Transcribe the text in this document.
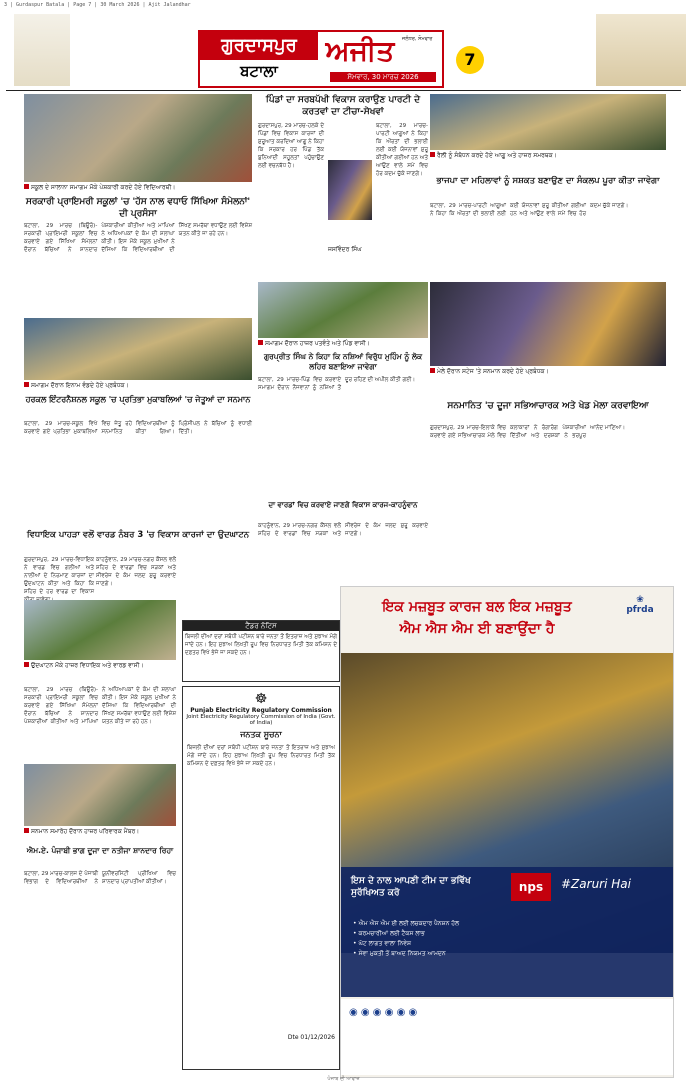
3 | Gurdaspur Batala | Page 7 | 30 March 2026 | Ajit Jalandhar
ਗੁਰਦਾਸਪੁਰ
ਬਟਾਲਾ
ਅਜੀਤ	ਜਲੰਧਰ, ਸੋਮਵਾਰ
ਸੋਮਵਾਰ, 30 ਮਾਰਚ 2026
7
ਸਕੂਲ ਦੇ ਸਾਲਾਨਾ ਸਮਾਗਮ ਮੌਕੇ ਪੇਸ਼ਕਾਰੀ ਕਰਦੇ ਹੋਏ ਵਿਦਿਆਰਥੀ।
ਸਰਕਾਰੀ ਪ੍ਰਾਇਮਰੀ ਸਕੂਲਾਂ 'ਚ 'ਹੱਸ ਨਾਲ ਵਧਾਓ ਸਿੱਖਿਆ ਸੰਮੇਲਨਾਂ' ਦੀ ਪ੍ਰਸੰਸਾ
ਬਟਾਲਾ, 29 ਮਾਰਚ (ਬਿਊਰੋ)-ਸਰਕਾਰੀ ਪ੍ਰਾਇਮਰੀ ਸਕੂਲਾਂ ਵਿਚ ਕਰਵਾਏ ਗਏ ਸਿੱਖਿਆ ਸੰਮੇਲਨਾਂ ਦੌਰਾਨ ਬੱਚਿਆਂ ਨੇ ਸ਼ਾਨਦਾਰ ਪੇਸ਼ਕਾਰੀਆਂ ਕੀਤੀਆਂ ਅਤੇ ਮਾਪਿਆਂ ਨੇ ਅਧਿਆਪਕਾਂ ਦੇ ਕੰਮ ਦੀ ਸ਼ਲਾਘਾ ਕੀਤੀ। ਇਸ ਮੌਕੇ ਸਕੂਲ ਮੁਖੀਆਂ ਨੇ ਦੱਸਿਆ ਕਿ ਵਿਦਿਆਰਥੀਆਂ ਦੀ ਸਿੱਖਣ ਸਮਰੱਥਾ ਵਧਾਉਣ ਲਈ ਵਿਸ਼ੇਸ਼ ਯਤਨ ਕੀਤੇ ਜਾ ਰਹੇ ਹਨ।
ਸਮਾਗਮ ਦੌਰਾਨ ਇਨਾਮ ਵੰਡਦੇ ਹੋਏ ਪ੍ਰਬੰਧਕ।
ਹਰਕਲ ਇੰਟਰਨੈਸ਼ਨਲ ਸਕੂਲ 'ਚ ਪ੍ਰਤਿਭਾ ਮੁਕਾਬਲਿਆਂ 'ਚ ਜੇਤੂਆਂ ਦਾ ਸਨਮਾਨ
ਬਟਾਲਾ, 29 ਮਾਰਚ-ਸਕੂਲ ਵਿਖੇ ਕਰਵਾਏ ਗਏ ਪ੍ਰਤਿਭਾ ਮੁਕਾਬਲਿਆਂ ਵਿਚ ਜੇਤੂ ਰਹੇ ਵਿਦਿਆਰਥੀਆਂ ਨੂੰ ਸਨਮਾਨਿਤ ਕੀਤਾ ਗਿਆ। ਪ੍ਰਿੰਸੀਪਲ ਨੇ ਬੱਚਿਆਂ ਨੂੰ ਵਧਾਈ ਦਿੱਤੀ।
ਵਿਧਾਇਕ ਪਾਹੜਾ ਵਲੋਂ ਵਾਰਡ ਨੰਬਰ 3 'ਚ ਵਿਕਾਸ ਕਾਰਜਾਂ ਦਾ ਉਦਘਾਟਨ
ਗੁਰਦਾਸਪੁਰ, 29 ਮਾਰਚ-ਵਿਧਾਇਕ ਨੇ ਵਾਰਡ ਵਿਚ ਗਲੀਆਂ ਅਤੇ ਨਾਲੀਆਂ ਦੇ ਨਿਰਮਾਣ ਕਾਰਜਾਂ ਦਾ ਉਦਘਾਟਨ ਕੀਤਾ ਅਤੇ ਕਿਹਾ ਕਿ ਸ਼ਹਿਰ ਦੇ ਹਰ ਵਾਰਡ ਦਾ ਵਿਕਾਸ
ਕਾਹਨੂੰਵਾਨ, 29 ਮਾਰਚ-ਨਗਰ ਕੌਂਸਲ ਵਲੋਂ ਸ਼ਹਿਰ ਦੇ ਵਾਰਡਾਂ ਵਿਚ ਸੜਕਾਂ ਅਤੇ ਸੀਵਰੇਜ ਦੇ ਕੰਮ ਜਲਦ ਸ਼ੁਰੂ ਕਰਵਾਏ ਜਾਣਗੇ।
ਉਦਘਾਟਨ ਮੌਕੇ ਹਾਜ਼ਰ ਵਿਧਾਇਕ ਅਤੇ ਵਾਰਡ ਵਾਸੀ।
ਬਟਾਲਾ, 29 ਮਾਰਚ (ਬਿਊਰੋ)-ਸਰਕਾਰੀ ਪ੍ਰਾਇਮਰੀ ਸਕੂਲਾਂ ਵਿਚ ਕਰਵਾਏ ਗਏ ਸਿੱਖਿਆ ਸੰਮੇਲਨਾਂ ਦੌਰਾਨ ਬੱਚਿਆਂ ਨੇ ਸ਼ਾਨਦਾਰ ਪੇਸ਼ਕਾਰੀਆਂ ਕੀਤੀਆਂ ਅਤੇ ਮਾਪਿਆਂ ਨੇ ਅਧਿਆਪਕਾਂ ਦੇ ਕੰਮ ਦੀ ਸ਼ਲਾਘਾ ਕੀਤੀ। ਇਸ ਮੌਕੇ ਸਕੂਲ ਮੁਖੀਆਂ ਨੇ ਦੱਸਿਆ ਕਿ ਵਿਦਿਆਰਥੀਆਂ ਦੀ ਸਿੱਖਣ ਸਮਰੱਥਾ ਵਧਾਉਣ ਲਈ ਵਿਸ਼ੇਸ਼ ਯਤਨ ਕੀਤੇ ਜਾ ਰਹੇ ਹਨ।
ਸਨਮਾਨ ਸਮਾਰੋਹ ਦੌਰਾਨ ਹਾਜ਼ਰ ਪਰਿਵਾਰਕ ਮੈਂਬਰ।
ਐਮ.ਏ. ਪੰਜਾਬੀ ਭਾਗ ਦੂਜਾ ਦਾ ਨਤੀਜਾ ਸ਼ਾਨਦਾਰ ਰਿਹਾ
ਬਟਾਲਾ, 29 ਮਾਰਚ-ਕਾਲਜ ਦੇ ਪੰਜਾਬੀ ਵਿਭਾਗ ਦੇ ਵਿਦਿਆਰਥੀਆਂ ਨੇ ਯੂਨੀਵਰਸਿਟੀ ਪ੍ਰੀਖਿਆ ਵਿਚ ਸ਼ਾਨਦਾਰ ਪ੍ਰਾਪਤੀਆਂ ਕੀਤੀਆਂ।
ਪਿੰਡਾਂ ਦਾ ਸਰਬਪੱਖੀ ਵਿਕਾਸ ਕਰਾਉਣ ਪਾਰਟੀ ਦੇ ਕਰਤਵਾਂ ਦਾ ਟੀਚਾ-ਸੇਖਵਾਂ
ਗੁਰਦਾਸਪੁਰ, 29 ਮਾਰਚ-ਹਲਕੇ ਦੇ ਪਿੰਡਾਂ ਵਿਚ ਵਿਕਾਸ ਕਾਰਜਾਂ ਦੀ ਸ਼ੁਰੂਆਤ ਕਰਦਿਆਂ ਆਗੂ ਨੇ ਕਿਹਾ ਕਿ ਸਰਕਾਰ ਹਰ ਪਿੰਡ ਤੱਕ ਬੁਨਿਆਦੀ ਸਹੂਲਤਾਂ ਪਹੁੰਚਾਉਣ ਲਈ ਵਚਨਬੱਧ ਹੈ।
ਜਸਵਿੰਦਰ ਸਿੰਘ
ਬਟਾਲਾ, 29 ਮਾਰਚ-ਪਾਰਟੀ ਆਗੂਆਂ ਨੇ ਕਿਹਾ ਕਿ ਔਰਤਾਂ ਦੀ ਭਲਾਈ ਲਈ ਕਈ ਯੋਜਨਾਵਾਂ ਸ਼ੁਰੂ ਕੀਤੀਆਂ ਗਈਆਂ ਹਨ ਅਤੇ ਆਉਣ ਵਾਲੇ ਸਮੇਂ ਵਿਚ ਹੋਰ ਕਦਮ ਚੁੱਕੇ ਜਾਣਗੇ।
ਸਮਾਗਮ ਦੌਰਾਨ ਹਾਜ਼ਰ ਪਤਵੰਤੇ ਅਤੇ ਪਿੰਡ ਵਾਸੀ।
ਗੁਰਪ੍ਰੀਤ ਸਿੰਘ ਨੇ ਕਿਹਾ ਕਿ ਨਸ਼ਿਆਂ ਵਿਰੁੱਧ ਮੁਹਿੰਮ ਨੂੰ ਲੋਕ ਲਹਿਰ ਬਣਾਇਆ ਜਾਵੇਗਾ
ਬਟਾਲਾ, 29 ਮਾਰਚ-ਪਿੰਡ ਵਿਚ ਕਰਵਾਏ ਸਮਾਗਮ ਦੌਰਾਨ ਨੌਜਵਾਨਾਂ ਨੂੰ ਨਸ਼ਿਆਂ ਤੋਂ ਦੂਰ ਰਹਿਣ ਦੀ ਅਪੀਲ ਕੀਤੀ ਗਈ।
ਰੈਲੀ ਨੂੰ ਸੰਬੋਧਨ ਕਰਦੇ ਹੋਏ ਆਗੂ ਅਤੇ ਹਾਜ਼ਰ ਸਮਰਥਕ।
ਭਾਜਪਾ ਦਾ ਮਹਿਲਾਵਾਂ ਨੂੰ ਸਸ਼ਕਤ ਬਣਾਉਣ ਦਾ ਸੰਕਲਪ ਪੂਰਾ ਕੀਤਾ ਜਾਵੇਗਾ
ਬਟਾਲਾ, 29 ਮਾਰਚ-ਪਾਰਟੀ ਆਗੂਆਂ ਨੇ ਕਿਹਾ ਕਿ ਔਰਤਾਂ ਦੀ ਭਲਾਈ ਲਈ ਕਈ ਯੋਜਨਾਵਾਂ ਸ਼ੁਰੂ ਕੀਤੀਆਂ ਗਈਆਂ ਹਨ ਅਤੇ ਆਉਣ ਵਾਲੇ ਸਮੇਂ ਵਿਚ ਹੋਰ ਕਦਮ ਚੁੱਕੇ ਜਾਣਗੇ।
ਮੇਲੇ ਦੌਰਾਨ ਸਟੇਜ 'ਤੇ ਸਨਮਾਨ ਕਰਦੇ ਹੋਏ ਪ੍ਰਬੰਧਕ।
ਸਨਮਾਨਿਤ 'ਚ ਦੂਜਾ ਸਭਿਆਚਾਰਕ ਅਤੇ ਖੇਡ ਮੇਲਾ ਕਰਵਾਇਆ
ਗੁਰਦਾਸਪੁਰ, 29 ਮਾਰਚ-ਇਲਾਕੇ ਵਿਚ ਕਰਵਾਏ ਗਏ ਸਭਿਆਚਾਰਕ ਮੇਲੇ ਵਿਚ ਕਲਾਕਾਰਾਂ ਨੇ ਰੰਗਾਰੰਗ ਪੇਸ਼ਕਾਰੀਆਂ ਦਿੱਤੀਆਂ ਅਤੇ ਦਰਸ਼ਕਾਂ ਨੇ ਭਰਪੂਰ ਆਨੰਦ ਮਾਣਿਆ।
ਦਾ ਵਾਰਡਾਂ ਵਿਚ ਕਰਵਾਏ ਜਾਣਗੇ ਵਿਕਾਸ ਕਾਰਜ-ਕਾਹਨੂੰਵਾਨ
ਕਾਹਨੂੰਵਾਨ, 29 ਮਾਰਚ-ਨਗਰ ਕੌਂਸਲ ਵਲੋਂ ਸ਼ਹਿਰ ਦੇ ਵਾਰਡਾਂ ਵਿਚ ਸੜਕਾਂ ਅਤੇ ਸੀਵਰੇਜ ਦੇ ਕੰਮ ਜਲਦ ਸ਼ੁਰੂ ਕਰਵਾਏ ਜਾਣਗੇ।
ਟੈਂਡਰ ਨੋਟਿਸ
ਬਿਜਲੀ ਦੀਆਂ ਦਰਾਂ ਸਬੰਧੀ ਪਟੀਸ਼ਨ ਬਾਰੇ ਜਨਤਾ ਤੋਂ ਇਤਰਾਜ਼ ਅਤੇ ਸੁਝਾਅ ਮੰਗੇ ਜਾਂਦੇ ਹਨ। ਇਹ ਸੁਝਾਅ ਲਿਖਤੀ ਰੂਪ ਵਿਚ ਨਿਰਧਾਰਤ ਮਿਤੀ ਤੱਕ ਕਮਿਸ਼ਨ ਦੇ ਦਫ਼ਤਰ ਵਿਖੇ ਭੇਜੇ ਜਾ ਸਕਦੇ ਹਨ।
☸
Punjab Electricity Regulatory Commission
Joint Electricity Regulatory Commission of India (Govt. of India)
ਜਨਤਕ ਸੂਚਨਾ
ਬਿਜਲੀ ਦੀਆਂ ਦਰਾਂ ਸਬੰਧੀ ਪਟੀਸ਼ਨ ਬਾਰੇ ਜਨਤਾ ਤੋਂ ਇਤਰਾਜ਼ ਅਤੇ ਸੁਝਾਅ ਮੰਗੇ ਜਾਂਦੇ ਹਨ। ਇਹ ਸੁਝਾਅ ਲਿਖਤੀ ਰੂਪ ਵਿਚ ਨਿਰਧਾਰਤ ਮਿਤੀ ਤੱਕ ਕਮਿਸ਼ਨ ਦੇ ਦਫ਼ਤਰ ਵਿਖੇ ਭੇਜੇ ਜਾ ਸਕਦੇ ਹਨ।
Dte 01/12/2026
ਇਕ ਮਜ਼ਬੂਤ ਕਾਰਜ ਬਲ ਇਕ ਮਜ਼ਬੂਤ
ਐਮ ਐਸ ਐਮ ਈ ਬਣਾਉਂਦਾ ਹੈ
❀
pfrda
ਇਸ ਦੇ ਨਾਲ ਆਪਣੀ ਟੀਮ ਦਾ ਭਵਿੱਖ ਸੁਰੱਖਿਅਤ ਕਰੋ	nps	#Zaruri Hai
• ਐਮ ਐਸ ਐਮ ਈ ਲਈ ਲਚਕਦਾਰ ਪੈਨਸ਼ਨ ਹੱਲ
• ਕਰਮਚਾਰੀਆਂ ਲਈ ਟੈਕਸ ਲਾਭ
• ਘੱਟ ਲਾਗਤ ਵਾਲਾ ਨਿਵੇਸ਼
• ਸੇਵਾ ਮੁਕਤੀ ਤੋਂ ਬਾਅਦ ਨਿਯਮਤ ਆਮਦਨ
◉ ◉ ◉ ◉ ◉ ◉
ਪੰਜਾਬ ਦੀ ਆਵਾਜ਼
